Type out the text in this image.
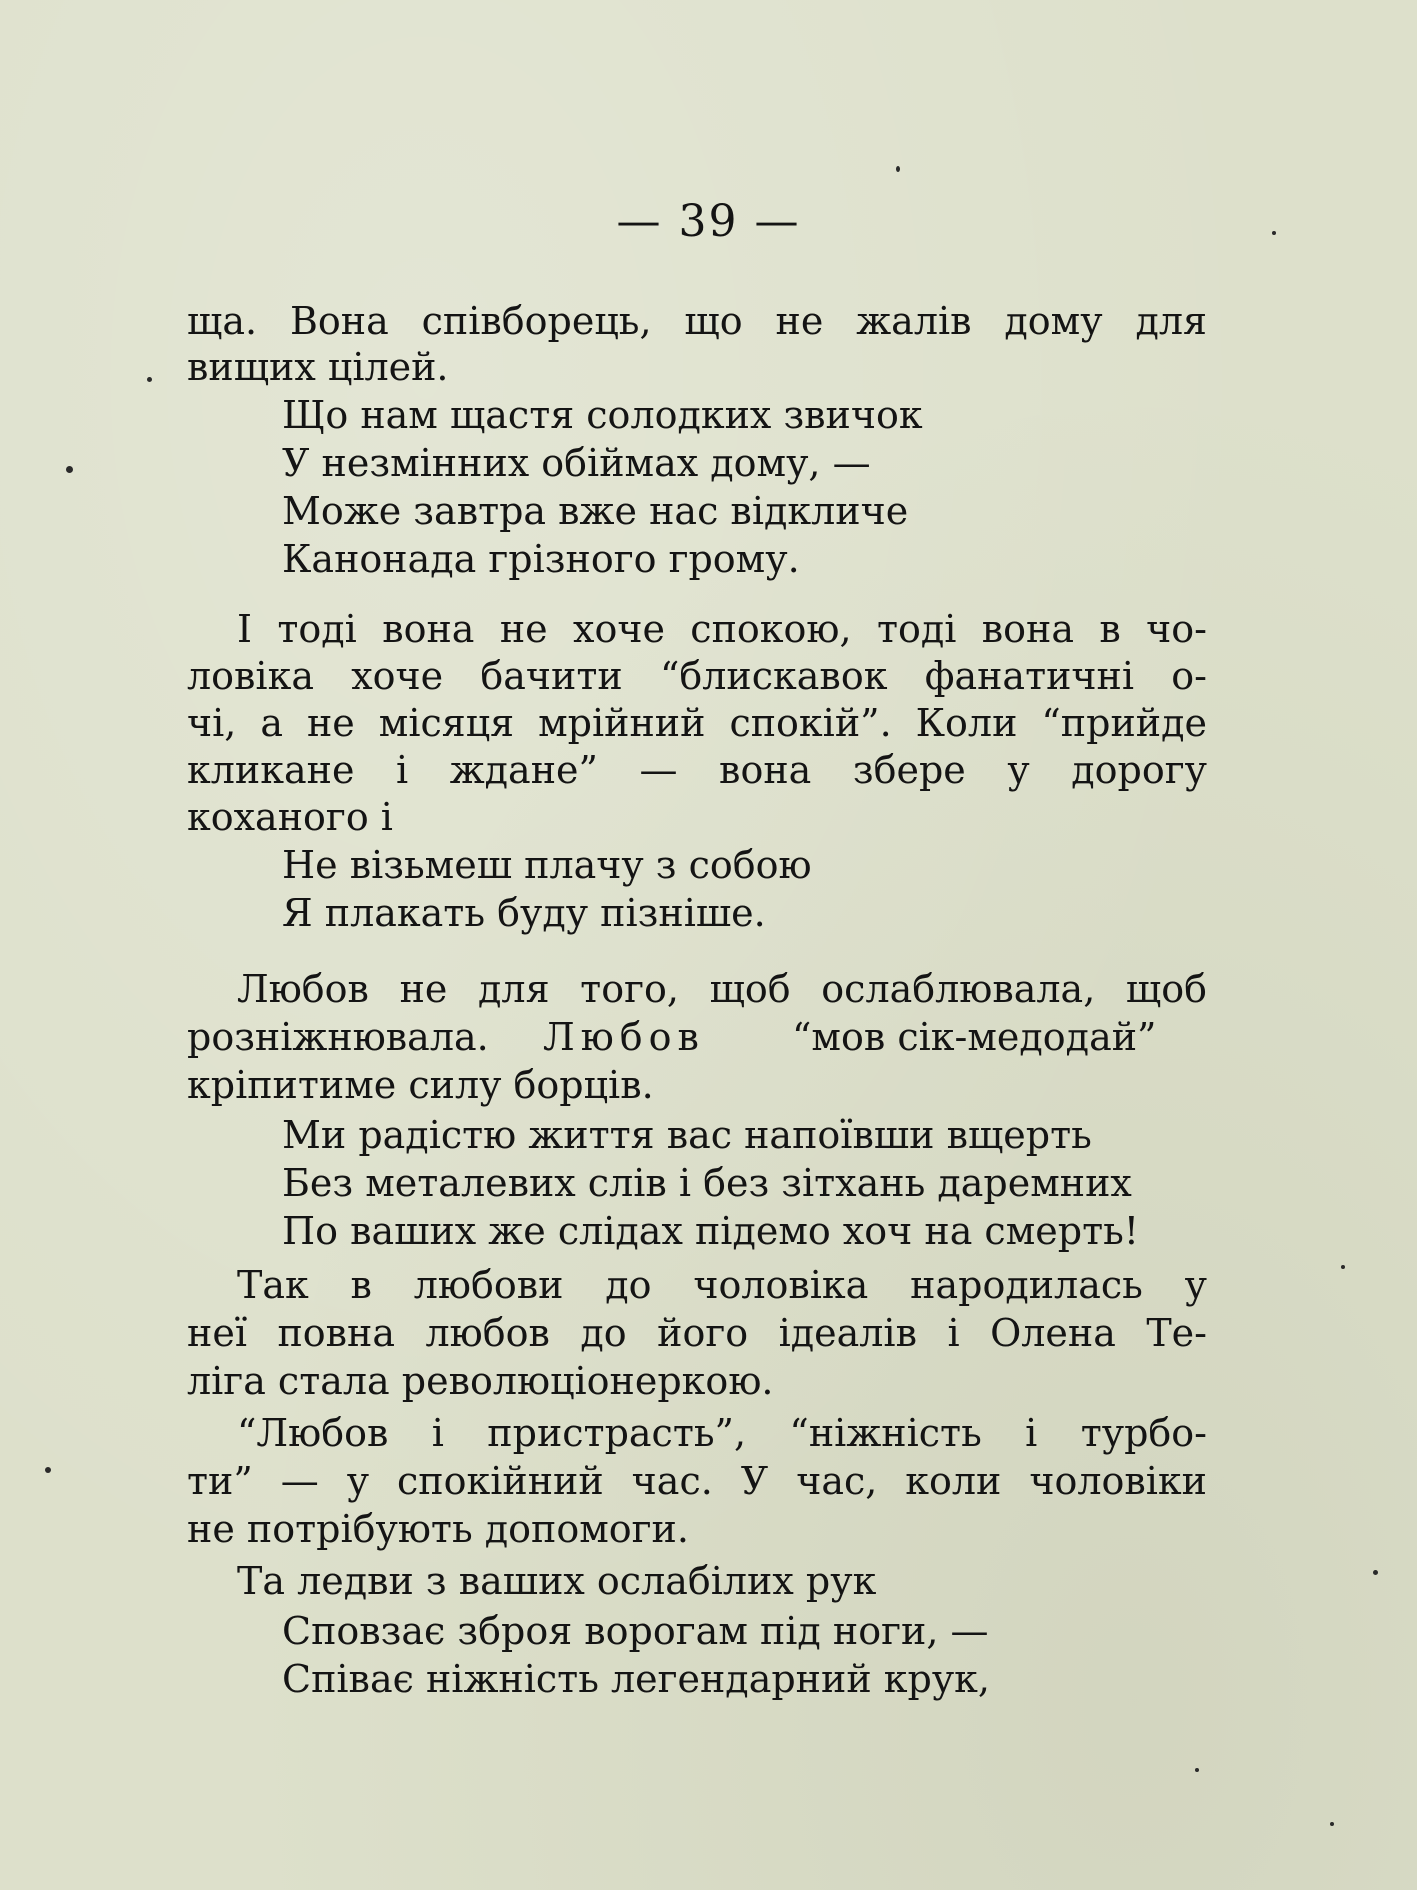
— 39 —
ща. Вона співборець, що не жалів дому для
вищих цілей.
Що нам щастя солодких звичок
У незмінних обіймах дому, —
Може завтра вже нас відкличе
Канонада грізного грому.
І тоді вона не хоче спокою, тоді вона в чо-
ловіка хоче бачити “блискавок фанатичні о-
чі, а не місяця мрійний спокій”. Коли “прийде
кликане і ждане” — вона збере у дорогу
коханого і
Не візьмеш плачу з собою
Я плакать буду пізніше.
Любов не для того, щоб ослаблювала, щоб
розніжнювала. Любов “мов сік-медодай”
кріпитиме силу борців.
Ми радістю життя вас напоївши вщерть
Без металевих слів і без зітхань даремних
По ваших же слідах підемо хоч на смерть!
Так в любови до чоловіка народилась у
неї повна любов до його ідеалів і Олена Те-
ліга стала революціонеркою.
“Любов і пристрасть”, “ніжність і турбо-
ти” — у спокійний час. У час, коли чоловіки
не потрібують допомоги.
Та ледви з ваших ослабілих рук
Сповзає зброя ворогам під ноги, —
Співає ніжність легендарний крук,
